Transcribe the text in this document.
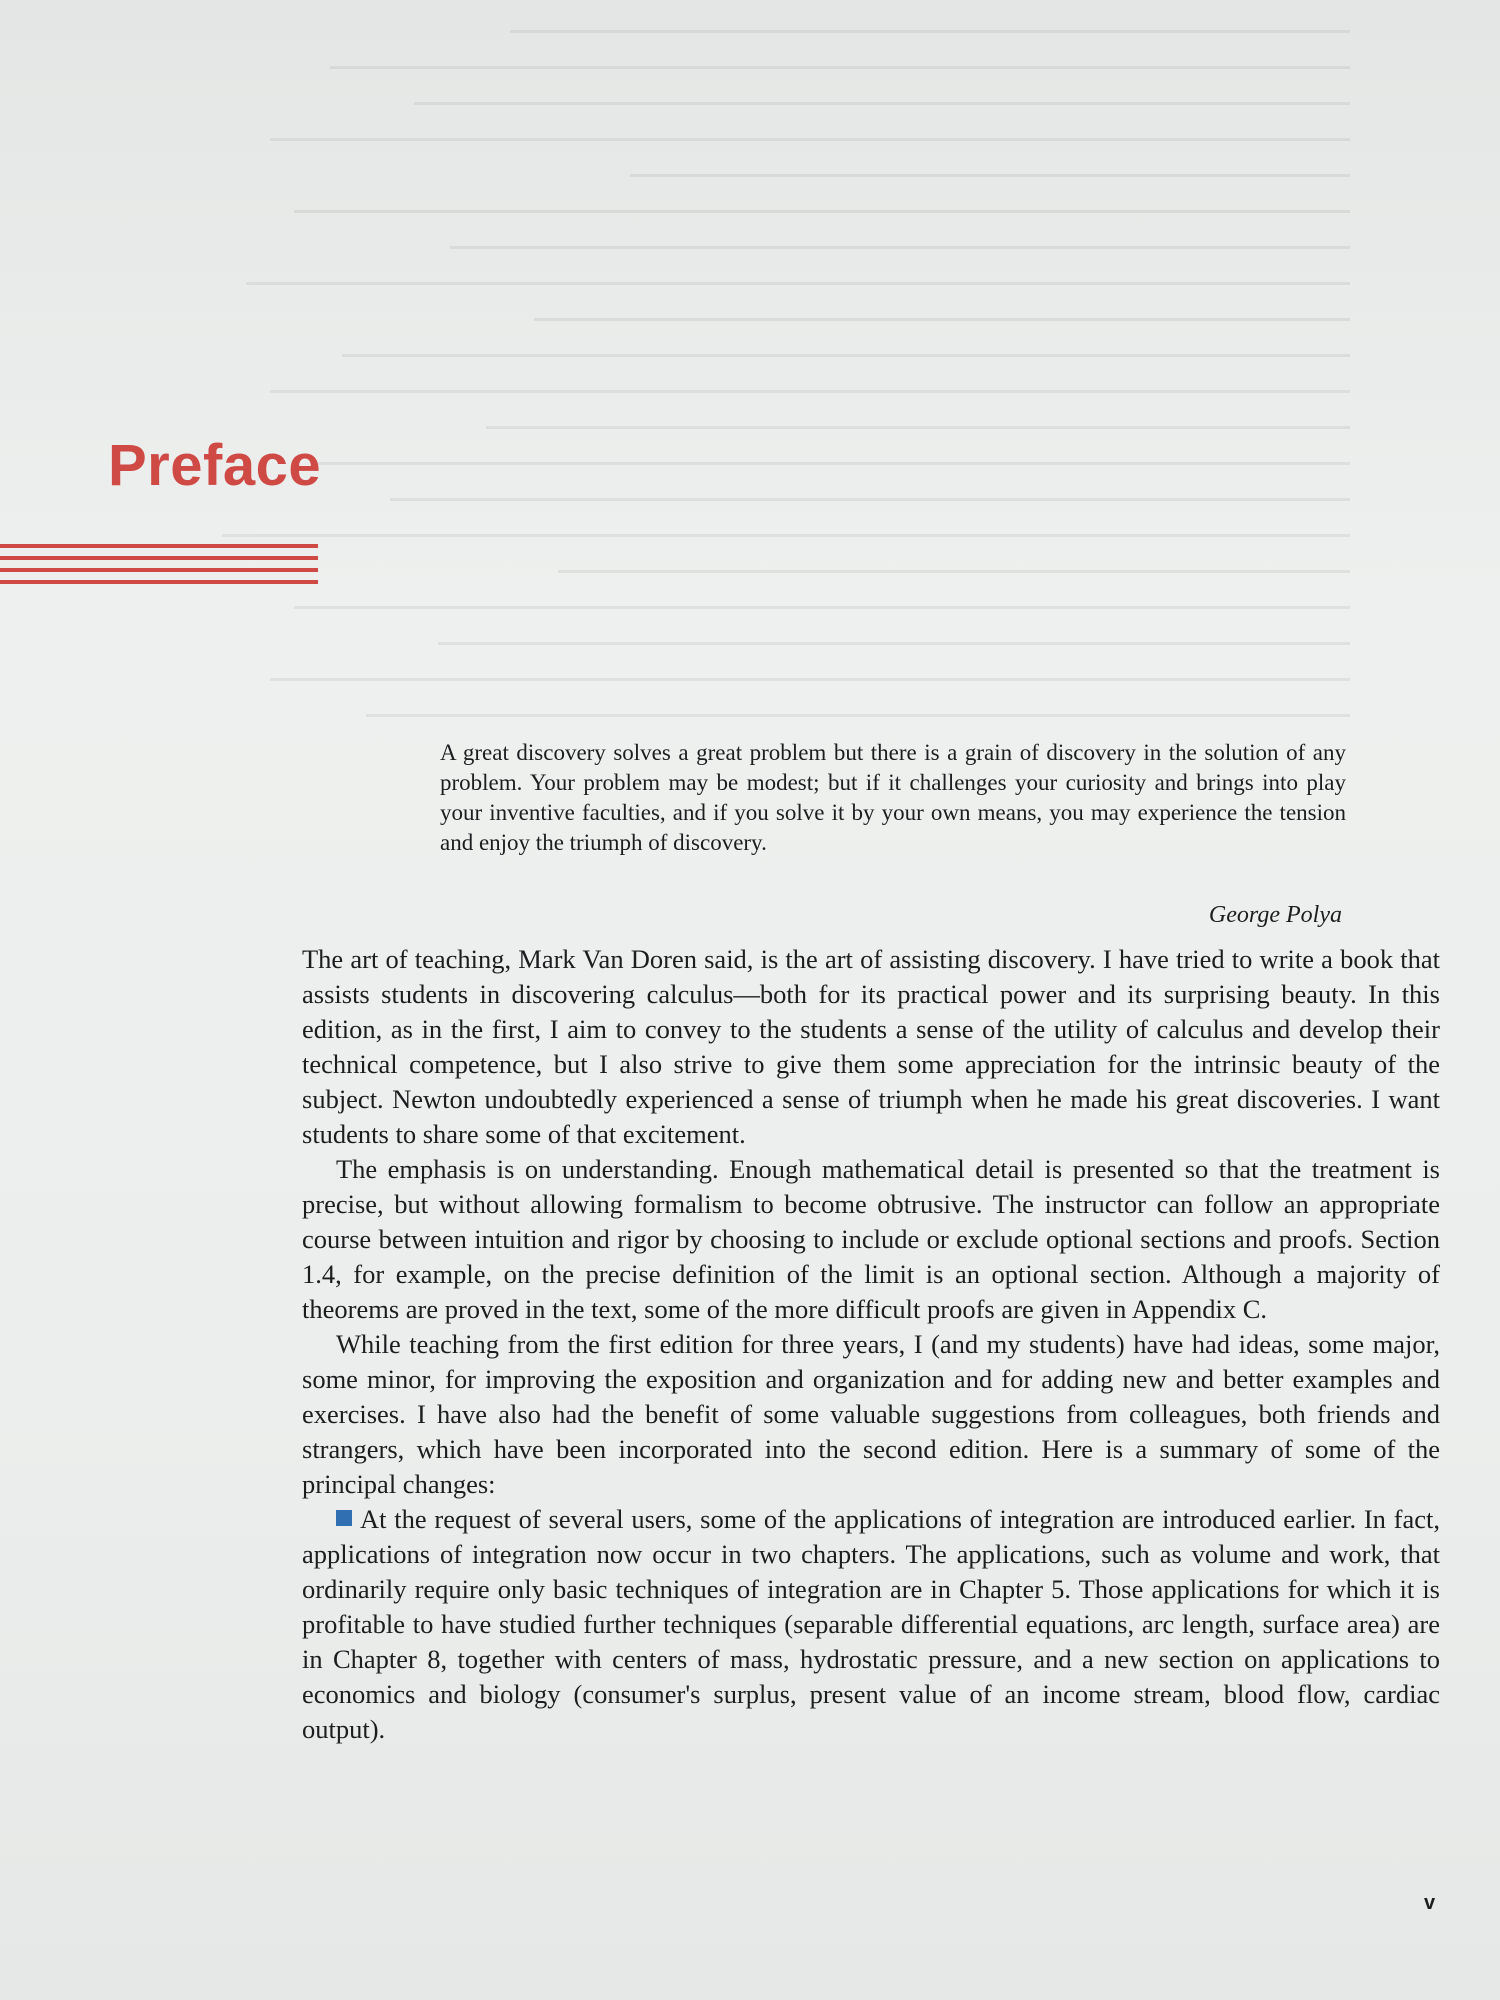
Preface

A great discovery solves a great problem but there is a grain of discovery in the solution of any problem. Your problem may be modest; but if it challenges your curiosity and brings into play your inventive faculties, and if you solve it by your own means, you may experience the tension and enjoy the triumph of discovery.

George Polya

The art of teaching, Mark Van Doren said, is the art of assisting discovery. I have tried to write a book that assists students in discovering calculus—both for its practical power and its surprising beauty. In this edition, as in the first, I aim to convey to the students a sense of the utility of calculus and develop their technical competence, but I also strive to give them some appreciation for the intrinsic beauty of the subject. Newton undoubtedly experienced a sense of triumph when he made his great discoveries. I want students to share some of that excitement.

The emphasis is on understanding. Enough mathematical detail is presented so that the treatment is precise, but without allowing formalism to become obtrusive. The instructor can follow an appropriate course between intuition and rigor by choosing to include or exclude optional sections and proofs. Section 1.4, for example, on the precise definition of the limit is an optional section. Although a majority of theorems are proved in the text, some of the more difficult proofs are given in Appendix C.

While teaching from the first edition for three years, I (and my students) have had ideas, some major, some minor, for improving the exposition and organization and for adding new and better examples and exercises. I have also had the benefit of some valuable suggestions from colleagues, both friends and strangers, which have been incorporated into the second edition. Here is a summary of some of the principal changes:

At the request of several users, some of the applications of integration are introduced earlier. In fact, applications of integration now occur in two chapters. The applications, such as volume and work, that ordinarily require only basic techniques of integration are in Chapter 5. Those applications for which it is profitable to have studied further techniques (separable differential equations, arc length, surface area) are in Chapter 8, together with centers of mass, hydrostatic pressure, and a new section on applications to economics and biology (consumer's surplus, present value of an income stream, blood flow, cardiac output).

v
